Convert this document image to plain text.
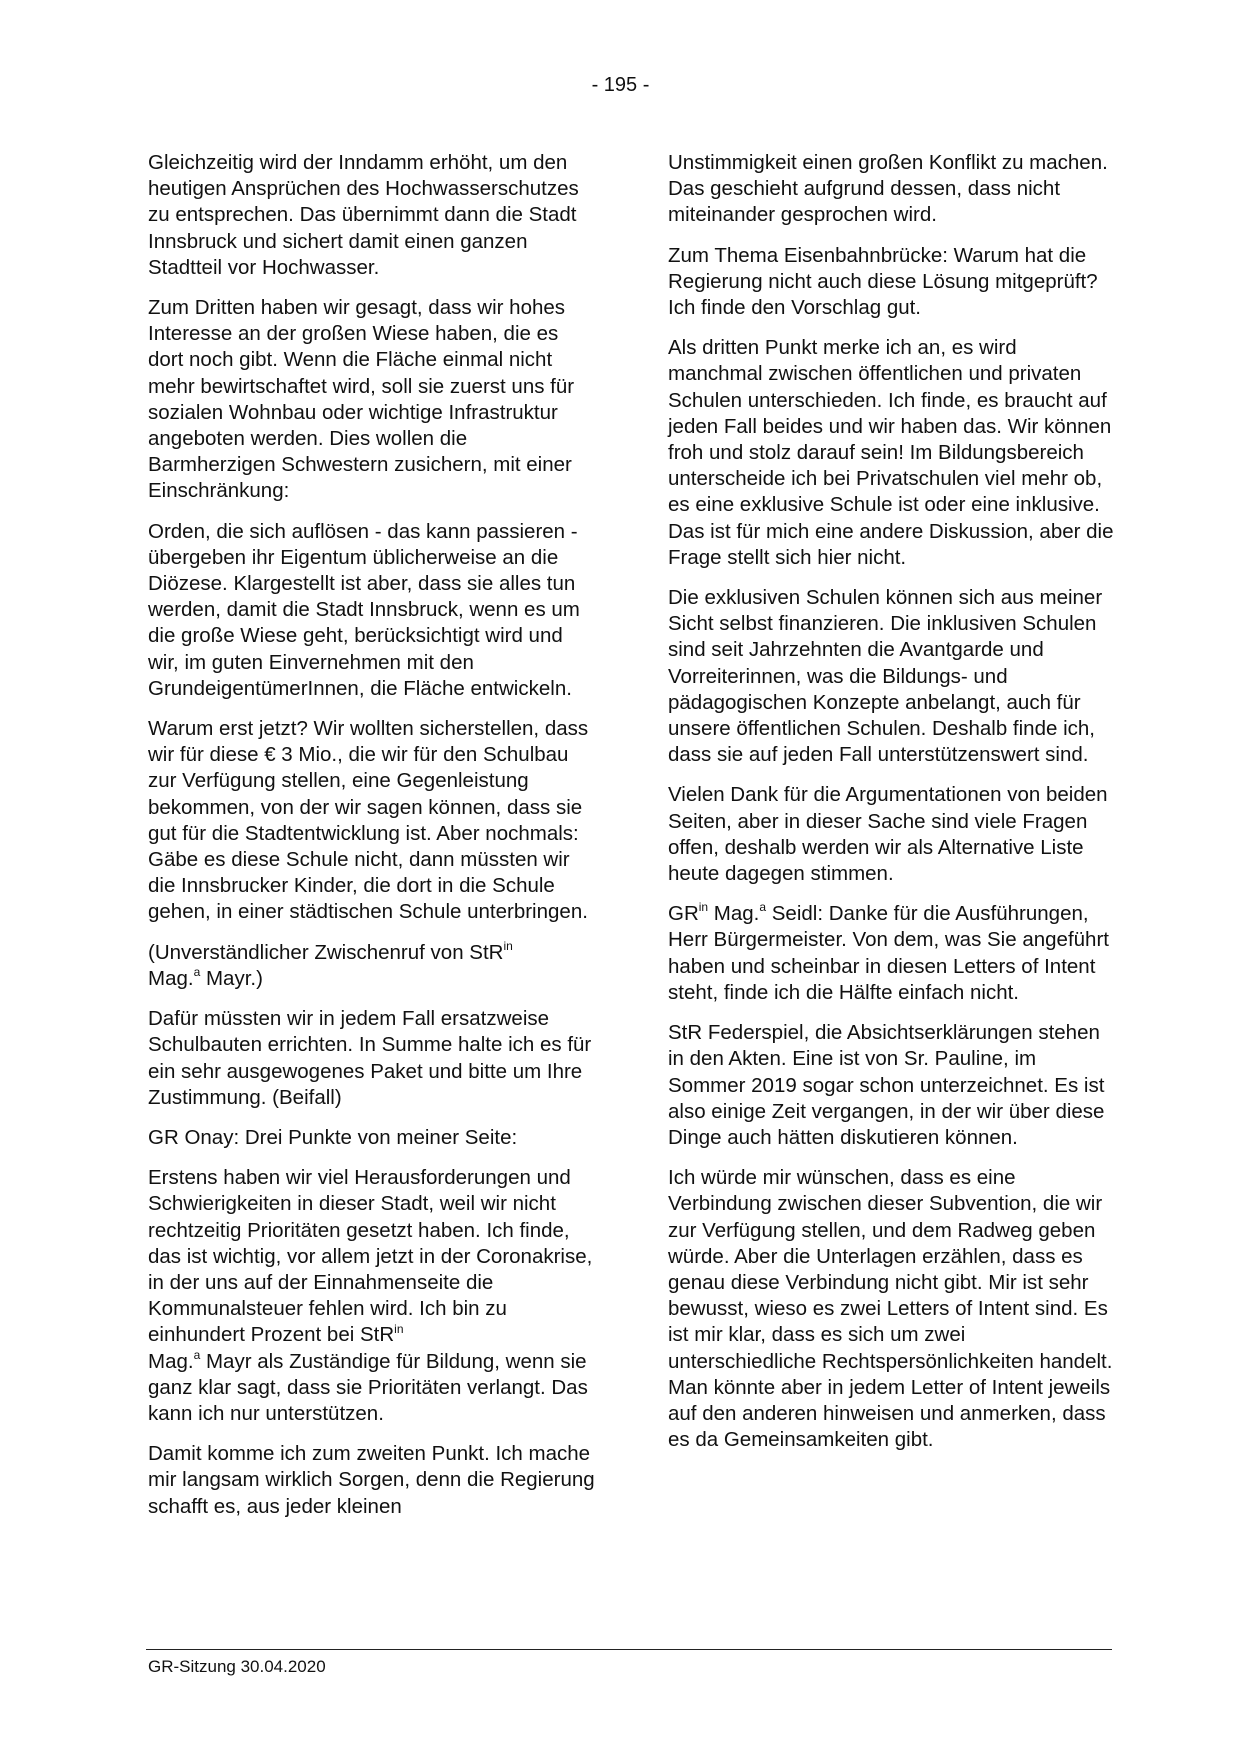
- 195 -

Gleichzeitig wird der Inndamm erhöht, um den heutigen Ansprüchen des Hochwasserschutzes zu entsprechen. Das übernimmt dann die Stadt Innsbruck und sichert damit einen ganzen Stadtteil vor Hochwasser.

Zum Dritten haben wir gesagt, dass wir hohes Interesse an der großen Wiese haben, die es dort noch gibt. Wenn die Fläche einmal nicht mehr bewirtschaftet wird, soll sie zuerst uns für sozialen Wohnbau oder wichtige Infrastruktur angeboten werden. Dies wollen die Barmherzigen Schwestern zusichern, mit einer Einschränkung:

Orden, die sich auflösen - das kann passieren - übergeben ihr Eigentum üblicherweise an die Diözese. Klargestellt ist aber, dass sie alles tun werden, damit die Stadt Innsbruck, wenn es um die große Wiese geht, berücksichtigt wird und wir, im guten Einvernehmen mit den GrundeigentümerInnen, die Fläche entwickeln.

Warum erst jetzt? Wir wollten sicherstellen, dass wir für diese € 3 Mio., die wir für den Schulbau zur Verfügung stellen, eine Gegenleistung bekommen, von der wir sagen können, dass sie gut für die Stadtentwicklung ist. Aber nochmals: Gäbe es diese Schule nicht, dann müssten wir die Innsbrucker Kinder, die dort in die Schule gehen, in einer städtischen Schule unterbringen.

(Unverständlicher Zwischenruf von StR$^{in}$
Mag.$^a$ Mayr.)

Dafür müssten wir in jedem Fall ersatzweise Schulbauten errichten. In Summe halte ich es für ein sehr ausgewogenes Paket und bitte um Ihre Zustimmung. (Beifall)

GR Onay: Drei Punkte von meiner Seite:

Erstens haben wir viel Herausforderungen und Schwierigkeiten in dieser Stadt, weil wir nicht rechtzeitig Prioritäten gesetzt haben. Ich finde, das ist wichtig, vor allem jetzt in der Coronakrise, in der uns auf der Einnahmenseite die Kommunalsteuer fehlen wird. Ich bin zu einhundert Prozent bei StR$^{in}$
Mag.$^a$ Mayr als Zuständige für Bildung, wenn sie ganz klar sagt, dass sie Prioritäten verlangt. Das kann ich nur unterstützen.

Damit komme ich zum zweiten Punkt. Ich mache mir langsam wirklich Sorgen, denn die Regierung schafft es, aus jeder kleinen

Unstimmigkeit einen großen Konflikt zu machen. Das geschieht aufgrund dessen, dass nicht miteinander gesprochen wird.

Zum Thema Eisenbahnbrücke: Warum hat die Regierung nicht auch diese Lösung mitgeprüft? Ich finde den Vorschlag gut.

Als dritten Punkt merke ich an, es wird manchmal zwischen öffentlichen und privaten Schulen unterschieden. Ich finde, es braucht auf jeden Fall beides und wir haben das. Wir können froh und stolz darauf sein! Im Bildungsbereich unterscheide ich bei Privatschulen viel mehr ob, es eine exklusive Schule ist oder eine inklusive. Das ist für mich eine andere Diskussion, aber die Frage stellt sich hier nicht.

Die exklusiven Schulen können sich aus meiner Sicht selbst finanzieren. Die inklusiven Schulen sind seit Jahrzehnten die Avantgarde und Vorreiterinnen, was die Bildungs- und pädagogischen Konzepte anbelangt, auch für unsere öffentlichen Schulen. Deshalb finde ich, dass sie auf jeden Fall unterstützenswert sind.

Vielen Dank für die Argumentationen von beiden Seiten, aber in dieser Sache sind viele Fragen offen, deshalb werden wir als Alternative Liste heute dagegen stimmen.

$GR^{in}$ Mag.$^a$ Seidl: Danke für die Ausführungen, Herr Bürgermeister. Von dem, was Sie angeführt haben und scheinbar in diesen Letters of Intent steht, finde ich die Hälfte einfach nicht.

StR Federspiel, die Absichtserklärungen stehen in den Akten. Eine ist von Sr. Pauline, im Sommer 2019 sogar schon unterzeichnet. Es ist also einige Zeit vergangen, in der wir über diese Dinge auch hätten diskutieren können.

Ich würde mir wünschen, dass es eine Verbindung zwischen dieser Subvention, die wir zur Verfügung stellen, und dem Radweg geben würde. Aber die Unterlagen erzählen, dass es genau diese Verbindung nicht gibt. Mir ist sehr bewusst, wieso es zwei Letters of Intent sind. Es ist mir klar, dass es sich um zwei unterschiedliche Rechtspersönlichkeiten handelt. Man könnte aber in jedem Letter of Intent jeweils auf den anderen hinweisen und anmerken, dass es da Gemeinsamkeiten gibt.

GR-Sitzung 30.04.2020
